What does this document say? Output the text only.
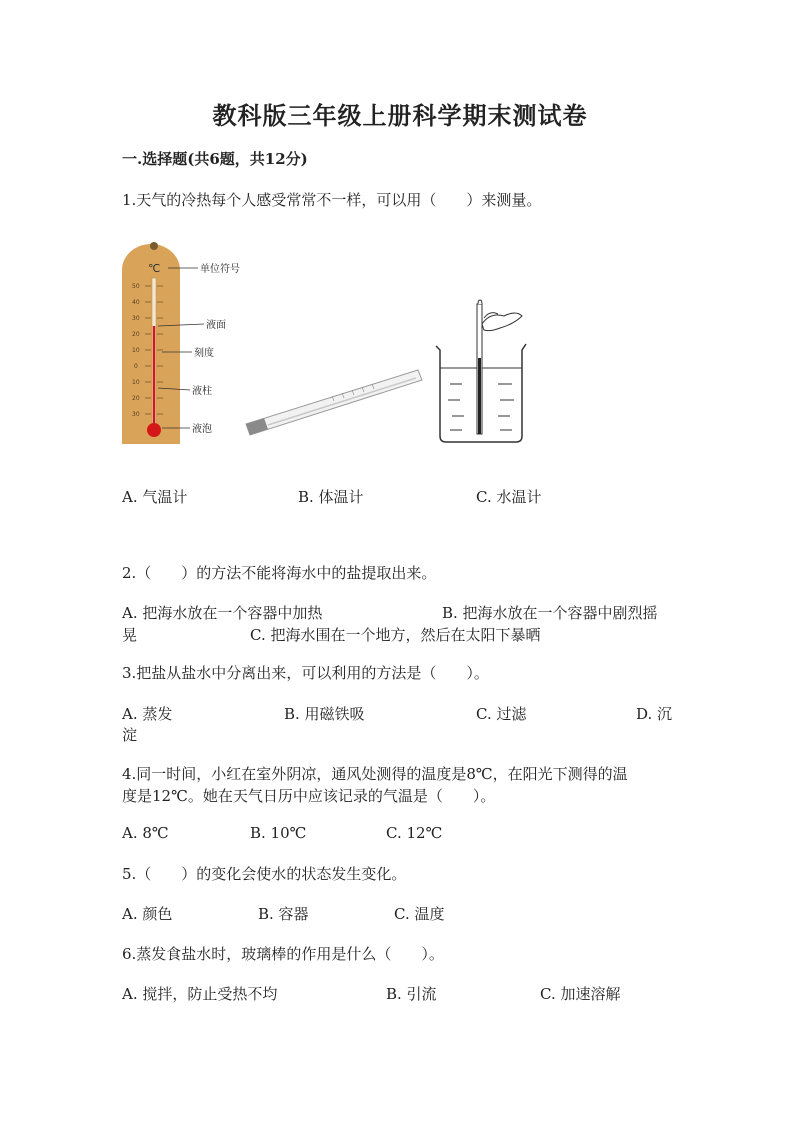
教科版三年级上册科学期末测试卷
一.选择题(共6题，共12分)
1.天气的冷热每个人感受常常不一样，可以用（　　）来测量。
℃
50
40
30
20
10
0
10
20
30
单位符号
液面
刻度
液柱
液泡
A. 气温计	B. 体温计	C. 水温计
2.（　　）的方法不能将海水中的盐提取出来。
A. 把海水放在一个容器中加热	B. 把海水放在一个容器中剧烈摇
晃	C. 把海水围在一个地方，然后在太阳下暴晒
3.把盐从盐水中分离出来，可以利用的方法是（　　）。
A. 蒸发	B. 用磁铁吸	C. 过滤	D. 沉
淀
4.同一时间，小红在室外阴凉，通风处测得的温度是8℃，在阳光下测得的温
度是12℃。她在天气日历中应该记录的气温是（　　）。
A. 8℃	B. 10℃	C. 12℃
5.（　　）的变化会使水的状态发生变化。
A. 颜色	B. 容器	C. 温度
6.蒸发食盐水时，玻璃棒的作用是什么（　　）。
A. 搅拌，防止受热不均	B. 引流	C. 加速溶解
